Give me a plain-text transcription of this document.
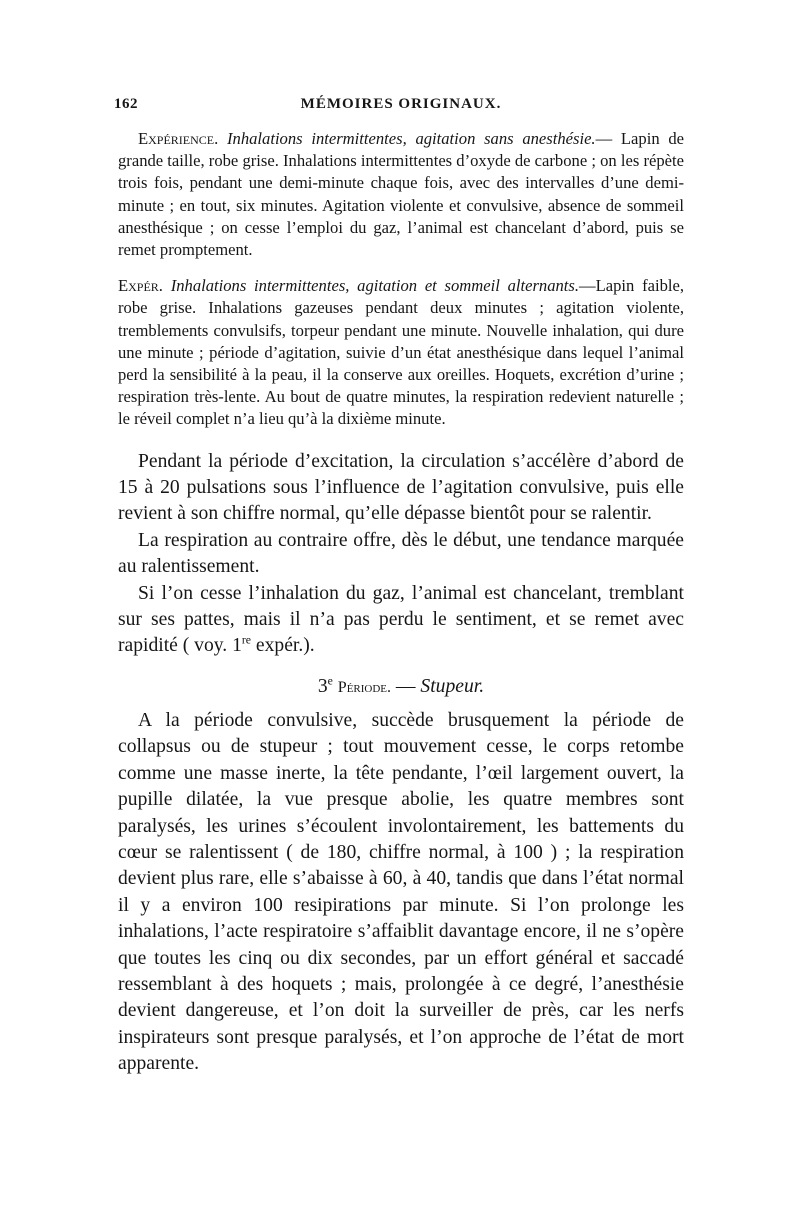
162	MÉMOIRES ORIGINAUX.

Expérience. Inhalations intermittentes, agitation sans anesthésie.— Lapin de grande taille, robe grise. Inhalations intermittentes d’oxyde de carbone ; on les répète trois fois, pendant une demi-minute chaque fois, avec des intervalles d’une demi-minute ; en tout, six minutes. Agitation violente et convulsive, absence de sommeil anesthésique ; on cesse l’emploi du gaz, l’animal est chancelant d’abord, puis se remet promptement.

Expér. Inhalations intermittentes, agitation et sommeil alternants.—Lapin faible, robe grise. Inhalations gazeuses pendant deux minutes ; agitation violente, tremblements convulsifs, torpeur pendant une minute. Nouvelle inhalation, qui dure une minute ; période d’agitation, suivie d’un état anesthésique dans lequel l’animal perd la sensibilité à la peau, il la conserve aux oreilles. Hoquets, excrétion d’urine ; respiration très-lente. Au bout de quatre minutes, la respiration redevient naturelle ; le réveil complet n’a lieu qu’à la dixième minute.

Pendant la période d’excitation, la circulation s’accélère d’abord de 15 à 20 pulsations sous l’influence de l’agitation convulsive, puis elle revient à son chiffre normal, qu’elle dépasse bientôt pour se ralentir.

La respiration au contraire offre, dès le début, une tendance marquée au ralentissement.

Si l’on cesse l’inhalation du gaz, l’animal est chancelant, tremblant sur ses pattes, mais il n’a pas perdu le sentiment, et se remet avec rapidité ( voy. 1re expér.).

3e Période. — Stupeur.

A la période convulsive, succède brusquement la période de collapsus ou de stupeur ; tout mouvement cesse, le corps retombe comme une masse inerte, la tête pendante, l’œil largement ouvert, la pupille dilatée, la vue presque abolie, les quatre membres sont paralysés, les urines s’écoulent involontairement, les battements du cœur se ralentissent ( de 180, chiffre normal, à 100 ) ; la respiration devient plus rare, elle s’abaisse à 60, à 40, tandis que dans l’état normal il y a environ 100 resipirations par minute. Si l’on prolonge les inhalations, l’acte respiratoire s’affaiblit davantage encore, il ne s’opère que toutes les cinq ou dix secondes, par un effort général et saccadé ressemblant à des hoquets ; mais, prolongée à ce degré, l’anesthésie devient dangereuse, et l’on doit la surveiller de près, car les nerfs inspirateurs sont presque paralysés, et l’on approche de l’état de mort apparente.
